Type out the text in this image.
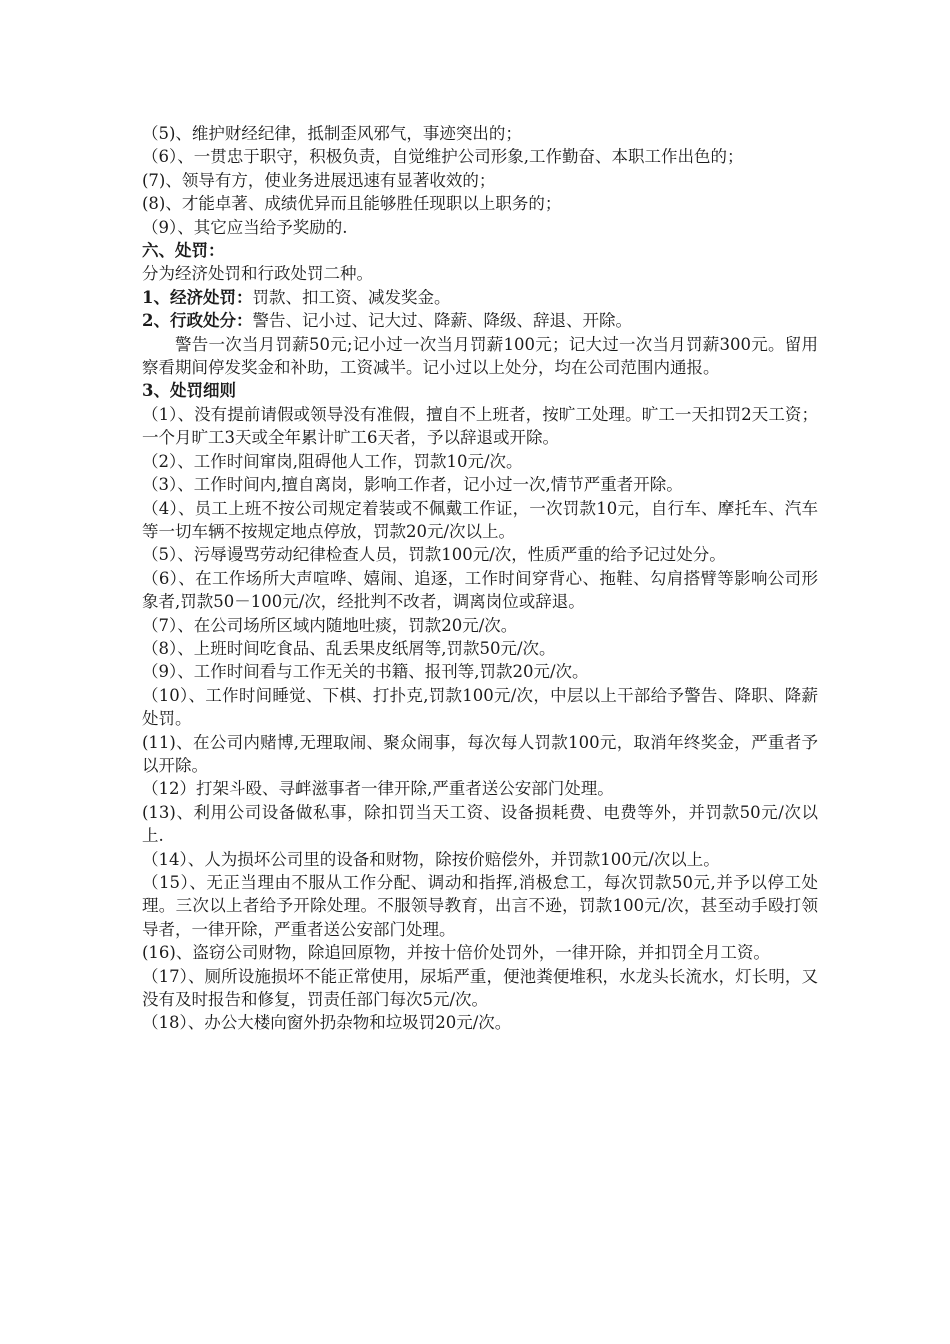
（5)、维护财经纪律，抵制歪风邪气，事迹突出的；

（6）、一贯忠于职守，积极负责，自觉维护公司形象,工作勤奋、本职工作出色的；

(7)、领导有方，使业务进展迅速有显著收效的；

(8)、才能卓著、成绩优异而且能够胜任现职以上职务的；

（9）、其它应当给予奖励的.

六、处罚：

分为经济处罚和行政处罚二种。

1、经济处罚：罚款、扣工资、减发奖金。

2、行政处分：警告、记小过、记大过、降薪、降级、辞退、开除。

警告一次当月罚薪50元;记小过一次当月罚薪100元；记大过一次当月罚薪300元。留用察看期间停发奖金和补助，工资减半。记小过以上处分，均在公司范围内通报。

3、处罚细则

（1）、没有提前请假或领导没有准假，擅自不上班者，按旷工处理。旷工一天扣罚2天工资；一个月旷工3天或全年累计旷工6天者，予以辞退或开除。

（2）、工作时间窜岗,阻碍他人工作，罚款10元/次。

（3）、工作时间内,擅自离岗，影响工作者，记小过一次,情节严重者开除。

（4）、员工上班不按公司规定着装或不佩戴工作证，一次罚款10元，自行车、摩托车、汽车等一切车辆不按规定地点停放，罚款20元/次以上。

（5）、污辱谩骂劳动纪律检查人员，罚款100元/次，性质严重的给予记过处分。

（6）、在工作场所大声喧哗、嬉闹、追逐，工作时间穿背心、拖鞋、勾肩搭臂等影响公司形象者,罚款50－100元/次，经批判不改者，调离岗位或辞退。

（7）、在公司场所区域内随地吐痰，罚款20元/次。

（8）、上班时间吃食品、乱丢果皮纸屑等,罚款50元/次。

（9）、工作时间看与工作无关的书籍、报刊等,罚款20元/次。

（10）、工作时间睡觉、下棋、打扑克,罚款100元/次，中层以上干部给予警告、降职、降薪处罚。

(11)、在公司内赌博,无理取闹、聚众闹事，每次每人罚款100元，取消年终奖金，严重者予以开除。

（12）打架斗殴、寻衅滋事者一律开除,严重者送公安部门处理。

(13)、利用公司设备做私事，除扣罚当天工资、设备损耗费、电费等外，并罚款50元/次以上.

（14）、人为损坏公司里的设备和财物，除按价赔偿外，并罚款100元/次以上。

（15）、无正当理由不服从工作分配、调动和指挥,消极怠工，每次罚款50元,并予以停工处理。三次以上者给予开除处理。不服领导教育，出言不逊，罚款100元/次，甚至动手殴打领导者，一律开除，严重者送公安部门处理。

(16)、盗窃公司财物，除追回原物，并按十倍价处罚外，一律开除，并扣罚全月工资。

（17）、厕所设施损坏不能正常使用，尿垢严重，便池粪便堆积，水龙头长流水，灯长明，又没有及时报告和修复，罚责任部门每次5元/次。

（18）、办公大楼向窗外扔杂物和垃圾罚20元/次。
